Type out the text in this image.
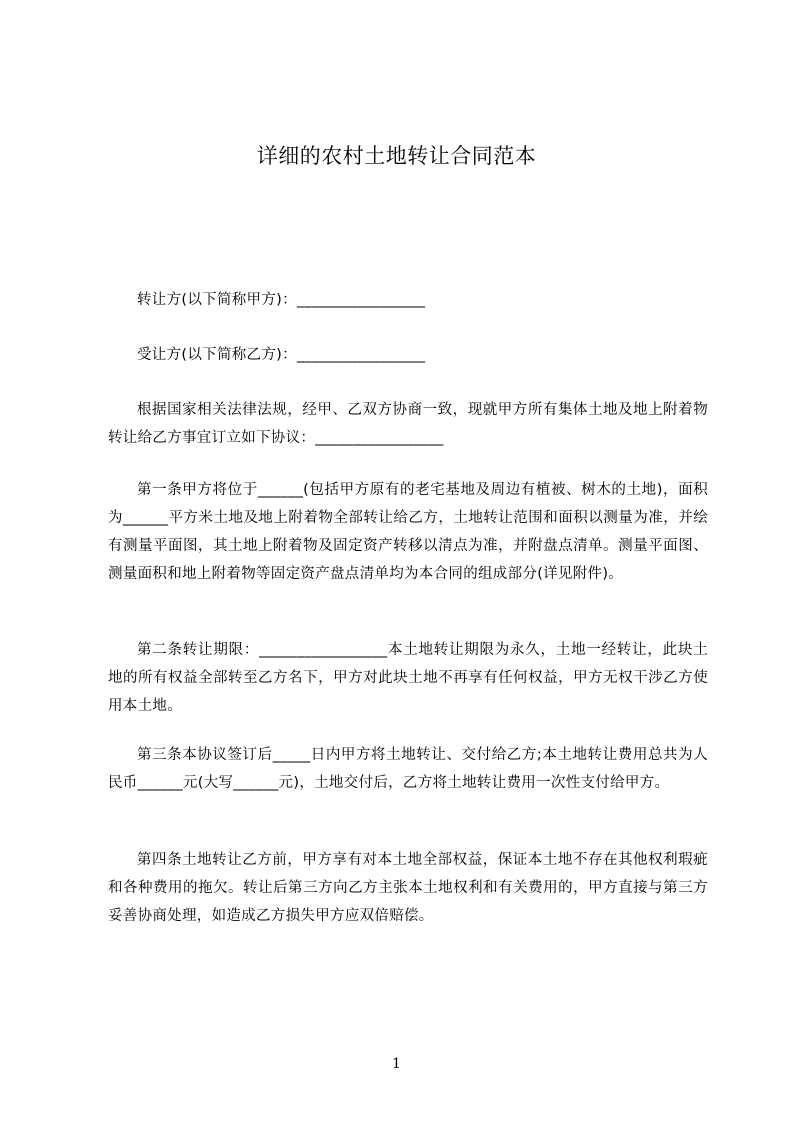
详细的农村土地转让合同范本

转让方(以下简称甲方)：_________________

受让方(以下简称乙方)：_________________

根据国家相关法律法规，经甲、乙双方协商一致，现就甲方所有集体土地及地上附着物转让给乙方事宜订立如下协议：_________________

第一条甲方将位于______(包括甲方原有的老宅基地及周边有植被、树木的土地)，面积为______平方米土地及地上附着物全部转让给乙方，土地转让范围和面积以测量为准，并绘有测量平面图，其土地上附着物及固定资产转移以清点为准，并附盘点清单。测量平面图、测量面积和地上附着物等固定资产盘点清单均为本合同的组成部分(详见附件)。

第二条转让期限：_________________本土地转让期限为永久，土地一经转让，此块土地的所有权益全部转至乙方名下，甲方对此块土地不再享有任何权益，甲方无权干涉乙方使用本土地。

第三条本协议签订后_____日内甲方将土地转让、交付给乙方;本土地转让费用总共为人民币______元(大写______元)，土地交付后，乙方将土地转让费用一次性支付给甲方。

第四条土地转让乙方前，甲方享有对本土地全部权益，保证本土地不存在其他权利瑕疵和各种费用的拖欠。转让后第三方向乙方主张本土地权利和有关费用的，甲方直接与第三方妥善协商处理，如造成乙方损失甲方应双倍赔偿。

1
